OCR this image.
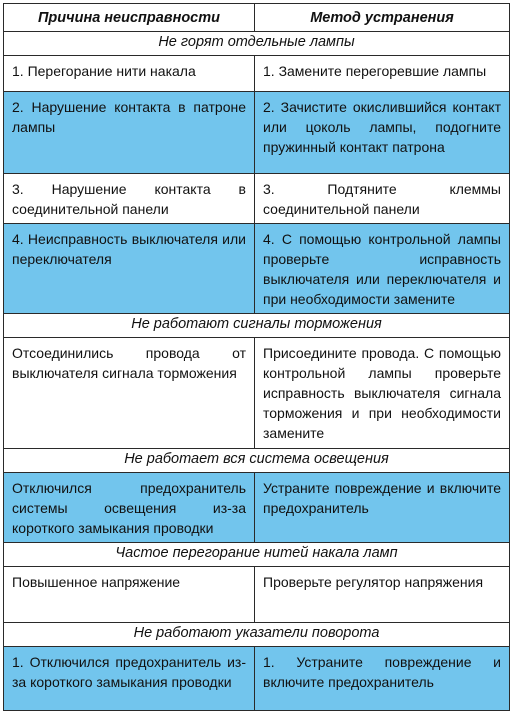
Причина неисправности	Метод устранения
Не горят отдельные лампы	
1. Перегорание нити накала	1. Замените перегоревшие лампы
2. Нарушение контакта в патроне лампы	2. Зачистите окислившийся контакт или цоколь лампы, подогните пружинный контакт патрона
3. Нарушение контакта в соединительной панели	3. Подтяните клеммы соединительной панели
4. Неисправность выключателя или переключателя	4. С помощью контрольной лампы проверьте исправность выключателя или переключателя и при необходимости замените
Не работают сигналы торможения	
Отсоединились провода от выключателя сигнала торможения	Присоедините провода. С помощью контрольной лампы проверьте исправность выключателя сигнала торможения и при необходимости замените
Не работает вся система освещения	
Отключился предохранитель системы освещения из-за короткого замыкания проводки	Устраните повреждение и включите предохранитель
Частое перегорание нитей накала ламп	
Повышенное напряжение	Проверьте регулятор напряжения
Не работают указатели поворота	
1. Отключился предохранитель из-за короткого замыкания проводки	1. Устраните повреждение и включите предохранитель
